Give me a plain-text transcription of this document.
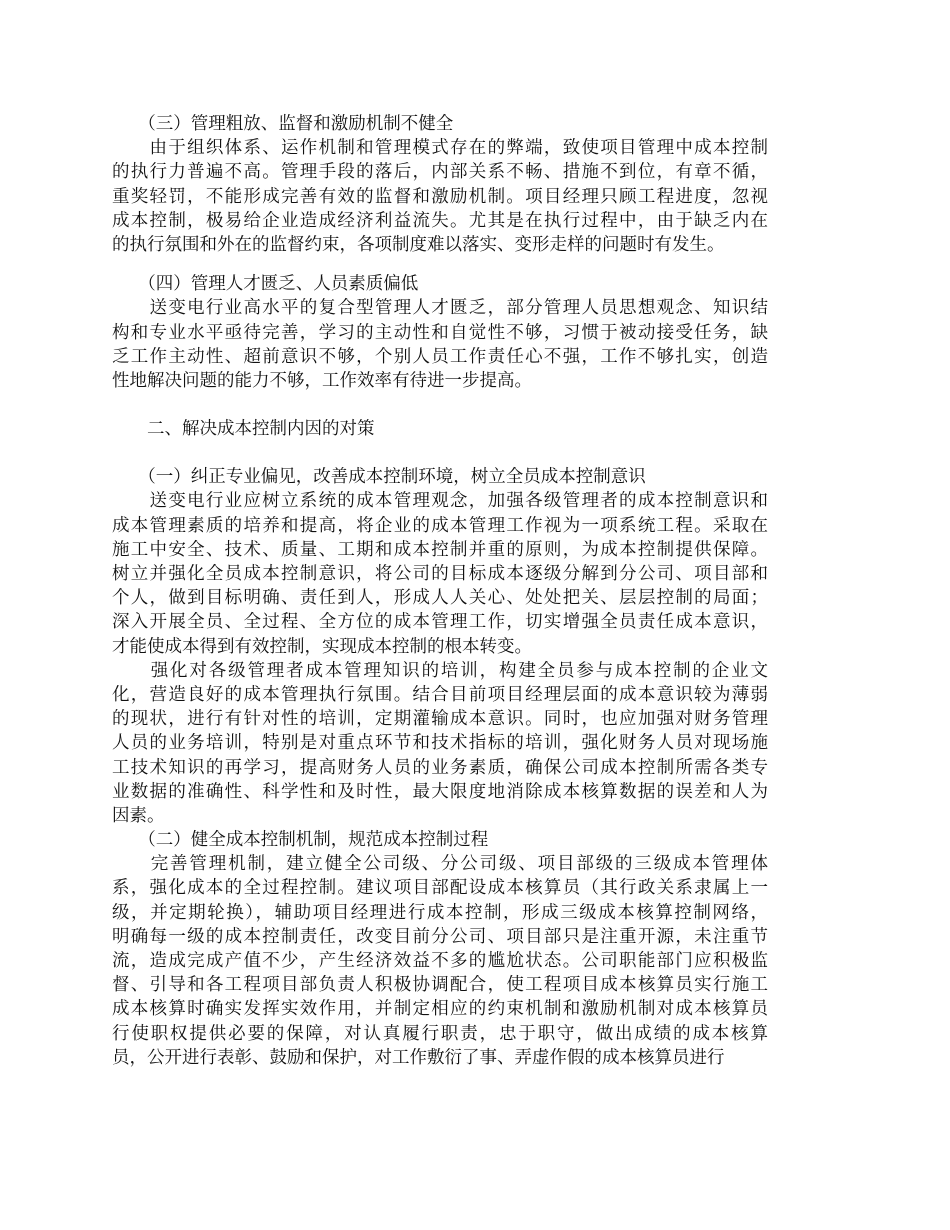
　　（三）管理粗放、监督和激励机制不健全
　　由于组织体系、运作机制和管理模式存在的弊端，致使项目管理中成本控制
的执行力普遍不高。管理手段的落后，内部关系不畅、措施不到位，有章不循，
重奖轻罚，不能形成完善有效的监督和激励机制。项目经理只顾工程进度，忽视
成本控制，极易给企业造成经济利益流失。尤其是在执行过程中，由于缺乏内在
的执行氛围和外在的监督约束，各项制度难以落实、变形走样的问题时有发生。
　　（四）管理人才匮乏、人员素质偏低
　　送变电行业高水平的复合型管理人才匮乏，部分管理人员思想观念、知识结
构和专业水平亟待完善，学习的主动性和自觉性不够，习惯于被动接受任务，缺
乏工作主动性、超前意识不够，个别人员工作责任心不强，工作不够扎实，创造
性地解决问题的能力不够，工作效率有待进一步提高。
　　二、解决成本控制内因的对策
　　（一）纠正专业偏见，改善成本控制环境，树立全员成本控制意识
　　送变电行业应树立系统的成本管理观念，加强各级管理者的成本控制意识和
成本管理素质的培养和提高，将企业的成本管理工作视为一项系统工程。采取在
施工中安全、技术、质量、工期和成本控制并重的原则，为成本控制提供保障。
树立并强化全员成本控制意识，将公司的目标成本逐级分解到分公司、项目部和
个人，做到目标明确、责任到人，形成人人关心、处处把关、层层控制的局面；
深入开展全员、全过程、全方位的成本管理工作，切实增强全员责任成本意识，
才能使成本得到有效控制，实现成本控制的根本转变。
　　强化对各级管理者成本管理知识的培训，构建全员参与成本控制的企业文
化，营造良好的成本管理执行氛围。结合目前项目经理层面的成本意识较为薄弱
的现状，进行有针对性的培训，定期灌输成本意识。同时，也应加强对财务管理
人员的业务培训，特别是对重点环节和技术指标的培训，强化财务人员对现场施
工技术知识的再学习，提高财务人员的业务素质，确保公司成本控制所需各类专
业数据的准确性、科学性和及时性，最大限度地消除成本核算数据的误差和人为
因素。
　　（二）健全成本控制机制，规范成本控制过程
　　完善管理机制，建立健全公司级、分公司级、项目部级的三级成本管理体
系，强化成本的全过程控制。建议项目部配设成本核算员（其行政关系隶属上一
级，并定期轮换），辅助项目经理进行成本控制，形成三级成本核算控制网络，
明确每一级的成本控制责任，改变目前分公司、项目部只是注重开源，未注重节
流，造成完成产值不少，产生经济效益不多的尴尬状态。公司职能部门应积极监
督、引导和各工程项目部负责人积极协调配合，使工程项目成本核算员实行施工
成本核算时确实发挥实效作用，并制定相应的约束机制和激励机制对成本核算员
行使职权提供必要的保障，对认真履行职责，忠于职守，做出成绩的成本核算
员，公开进行表彰、鼓励和保护，对工作敷衍了事、弄虚作假的成本核算员进行
